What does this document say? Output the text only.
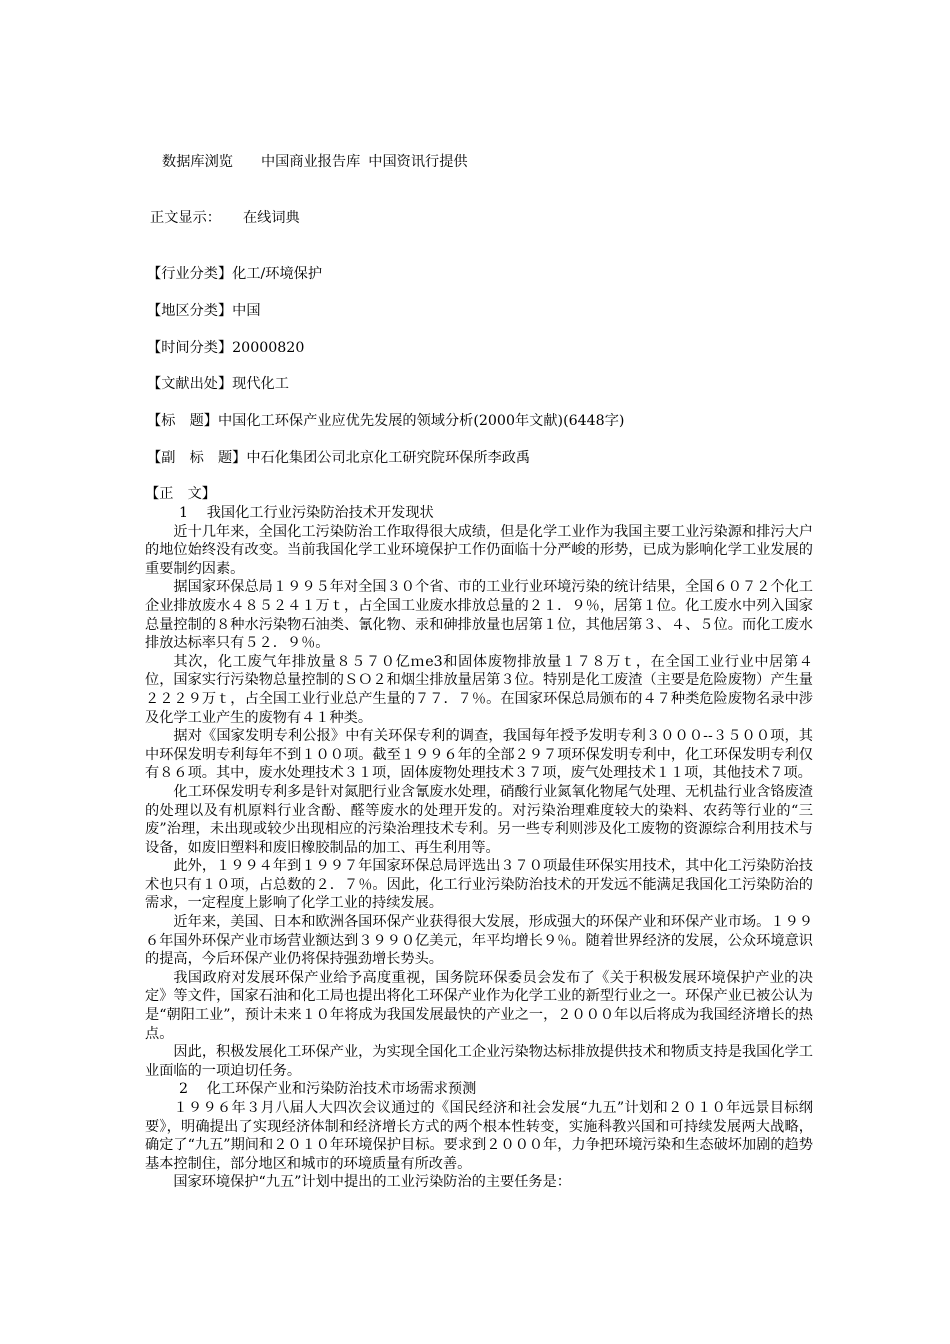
数据库浏览 中国商业报告库 中国资讯行提供
正文显示： 在线词典
【行业分类】化工/环境保护
【地区分类】中国
【时间分类】20000820
【文献出处】现代化工
【标　题】中国化工环保产业应优先发展的领域分析(2000年文献)(6448字)
【副　标　题】中石化集团公司北京化工研究院环保所李政禹
【正　文】
1　 我国化工行业污染防治技术开发现状

近十几年来，全国化工污染防治工作取得很大成绩，但是化学工业作为我国主要工业污染源和排污大户的地位始终没有改变。当前我国化学工业环境保护工作仍面临十分严峻的形势，已成为影响化学工业发展的重要制约因素。

据国家环保总局１９９５年对全国３０个省、市的工业行业环境污染的统计结果，全国６０７２个化工企业排放废水４８５２４１万ｔ，占全国工业废水排放总量的２１．９％，居第１位。化工废水中列入国家总量控制的８种水污染物石油类、氰化物、汞和砷排放量也居第１位，其他居第３、４、５位。而化工废水排放达标率只有５２．９％。

其次，化工废气年排放量８５７０亿ｍe3和固体废物排放量１７８万ｔ，在全国工业行业中居第４位，国家实行污染物总量控制的ＳＯ２和烟尘排放量居第３位。特别是化工废渣（主要是危险废物）产生量２２２９万ｔ，占全国工业行业总产生量的７７．７％。在国家环保总局颁布的４７种类危险废物名录中涉及化学工业产生的废物有４１种类。

据对《国家发明专利公报》中有关环保专利的调查，我国每年授予发明专利３０００--３５００项，其中环保发明专利每年不到１００项。截至１９９６年的全部２９７项环保发明专利中，化工环保发明专利仅有８６项。其中，废水处理技术３１项，固体废物处理技术３７项，废气处理技术１１项，其他技术７项。

化工环保发明专利多是针对氮肥行业含氰废水处理，硝酸行业氮氧化物尾气处理、无机盐行业含铬废渣的处理以及有机原料行业含酚、醛等废水的处理开发的。对污染治理难度较大的染料、农药等行业的“三废”治理，未出现或较少出现相应的污染治理技术专利。另一些专利则涉及化工废物的资源综合利用技术与设备，如废旧塑料和废旧橡胶制品的加工、再生利用等。

此外，１９９４年到１９９７年国家环保总局评选出３７０项最佳环保实用技术，其中化工污染防治技术也只有１０项，占总数的２．７％。因此，化工行业污染防治技术的开发远不能满足我国化工污染防治的需求，一定程度上影响了化学工业的持续发展。

近年来，美国、日本和欧洲各国环保产业获得很大发展，形成强大的环保产业和环保产业市场。１９９６年国外环保产业市场营业额达到３９９０亿美元，年平均增长９％。随着世界经济的发展，公众环境意识的提高，今后环保产业仍将保持强劲增长势头。

我国政府对发展环保产业给予高度重视，国务院环保委员会发布了《关于积极发展环境保护产业的决定》等文件，国家石油和化工局也提出将化工环保产业作为化学工业的新型行业之一。环保产业已被公认为是“朝阳工业”，预计未来１０年将成为我国发展最快的产业之一，２０００年以后将成为我国经济增长的热点。

因此，积极发展化工环保产业，为实现全国化工企业污染物达标排放提供技术和物质支持是我国化学工业面临的一项迫切任务。

2　 化工环保产业和污染防治技术市场需求预测

１９９６年３月八届人大四次会议通过的《国民经济和社会发展“九五”计划和２０１０年远景目标纲要》，明确提出了实现经济体制和经济增长方式的两个根本性转变，实施科教兴国和可持续发展两大战略，确定了“九五”期间和２０１０年环境保护目标。要求到２０００年，力争把环境污染和生态破坏加剧的趋势基本控制住，部分地区和城市的环境质量有所改善。

国家环境保护“九五”计划中提出的工业污染防治的主要任务是：
